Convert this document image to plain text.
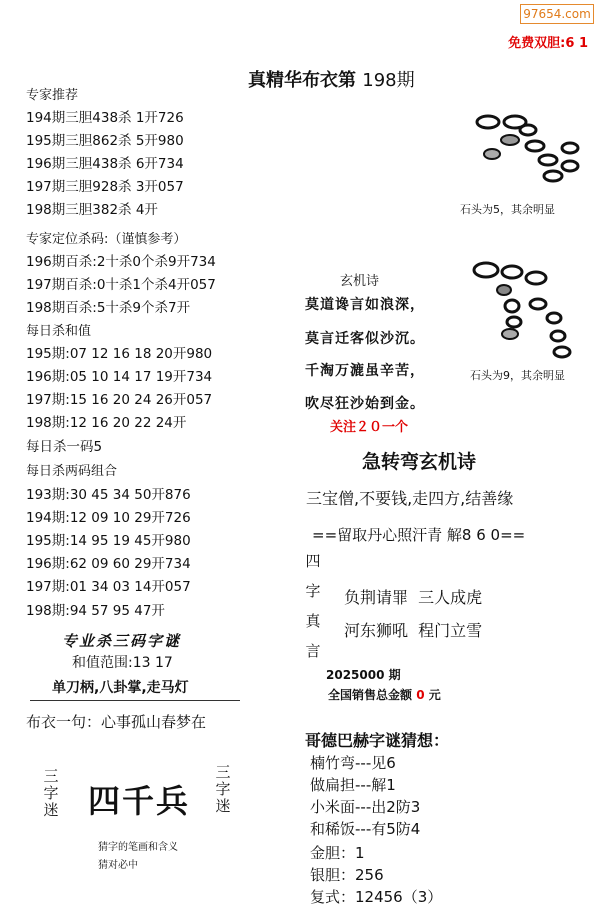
97654.com
免费双胆:6 1
真精华布衣第 198期
专家推荐
194期三胆438杀 1开726
195期三胆862杀 5开980
196期三胆438杀 6开734
197期三胆928杀 3开057
198期三胆382杀 4开
专家定位杀码:（谨慎参考）
196期百杀:2十杀0个杀9开734
197期百杀:0十杀1个杀4开057
198期百杀:5十杀9个杀7开
每日杀和值
195期:07 12 16 18 20开980
196期:05 10 14 17 19开734
197期:15 16 20 24 26开057
198期:12 16 20 22 24开
每日杀一码5
每日杀两码组合
193期:30 45 34 50开876
194期:12 09 10 29开726
195期:14 95 19 45开980
196期:62 09 60 29开734
197期:01 34 03 14开057
198期:94 57 95 47开
专业杀三码字谜
和值范围:13 17
单刀柄,八卦掌,走马灯
布衣一句：心事孤山春梦在
三字迷 四千兵
三字迷
猜字的笔画和含义
猜对必中
石头为5，其余明显
石头为9，其余明显
玄机诗
莫道谗言如浪深，
莫言迁客似沙沉。
千淘万漉虽辛苦，
吹尽狂沙始到金。
关注２０一个
急转弯玄机诗
三宝僧,不要钱,走四方,结善缘
==留取丹心照汗青 解8 6 0==
四
字
真
言
负荆请罪  三人成虎
河东狮吼  程门立雪
2025000 期
全国销售总金额 0 元
哥德巴赫字谜猜想：
楠竹弯---见6
做扁担---解1
小米面---出2防3
和稀饭---有5防4
金胆：1
银胆：256
复式：12456（3）
